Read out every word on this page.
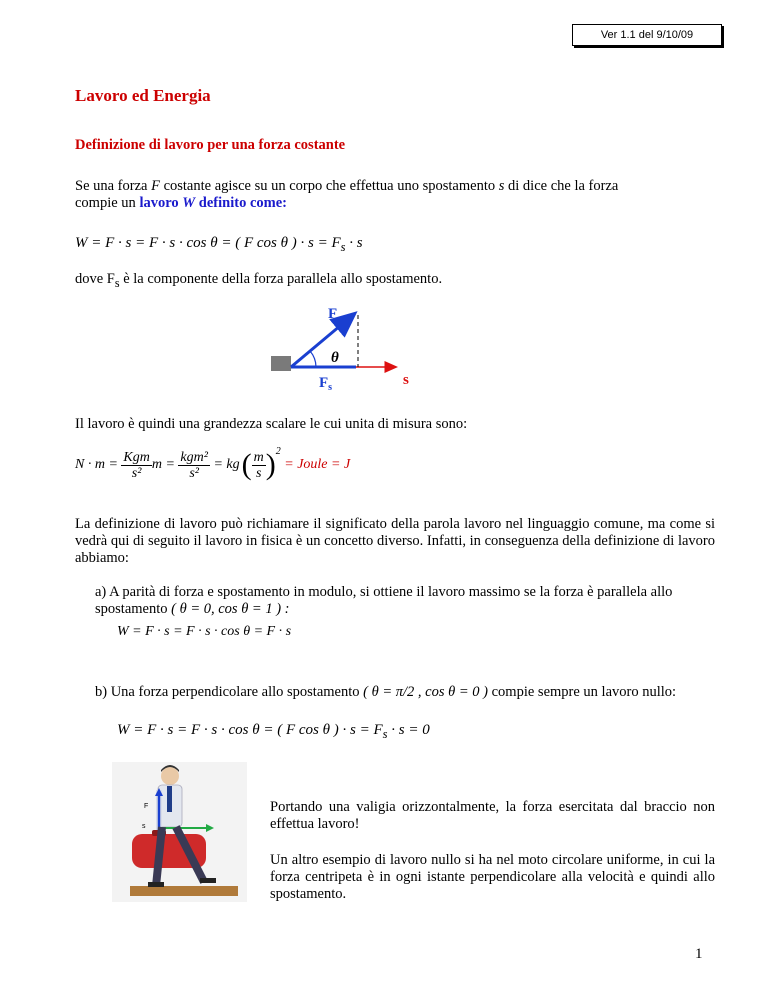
Ver 1.1 del 9/10/09
Lavoro ed Energia
Definizione di lavoro per una forza costante
Se una forza F costante agisce su un corpo che effettua uno spostamento s di dice che la forza
compie un lavoro W definito come:
W = F · s = F · s · cos θ = ( F cos θ ) · $s = F_s \cdot s$
dove $F_s$ è la componente della forza parallela allo spostamento.
F
θ
$F_s$	s
Il lavoro è quindi una grandezza scalare le cui unita di misura sono:
N · m =
$\frac{\text{Kgm}}{\text{s²}}$ m =
$\frac{\text{kgm²}}{\text{s²}}$
= kg ( $\frac{m}{s} )^2$

= Joule = J
La definizione di lavoro può richiamare il significato della parola lavoro nel linguaggio comune, ma come si vedrà qui di seguito il lavoro in fisica è un concetto diverso. Infatti, in conseguenza della definizione di lavoro abbiamo:
a) A parità di forza e spostamento in modulo, si ottiene il lavoro massimo se la forza è parallela allo spostamento ( θ = 0, cos θ = 1 ) :
W = F · s = F · s · cos θ = F · s
b) Una forza perpendicolare allo spostamento ( θ = π/2 , cos θ = 0 ) compie sempre un lavoro nullo:
W = F · s = F · s · cos θ = ( F cos θ ) · $s = F_s \cdot s = 0$
F
s
Portando una valigia orizzontalmente, la forza esercitata dal braccio non effettua lavoro!
Un altro esempio di lavoro nullo si ha nel moto circolare uniforme, in cui la forza centripeta è in ogni istante perpendicolare alla velocità e quindi allo spostamento.
1
